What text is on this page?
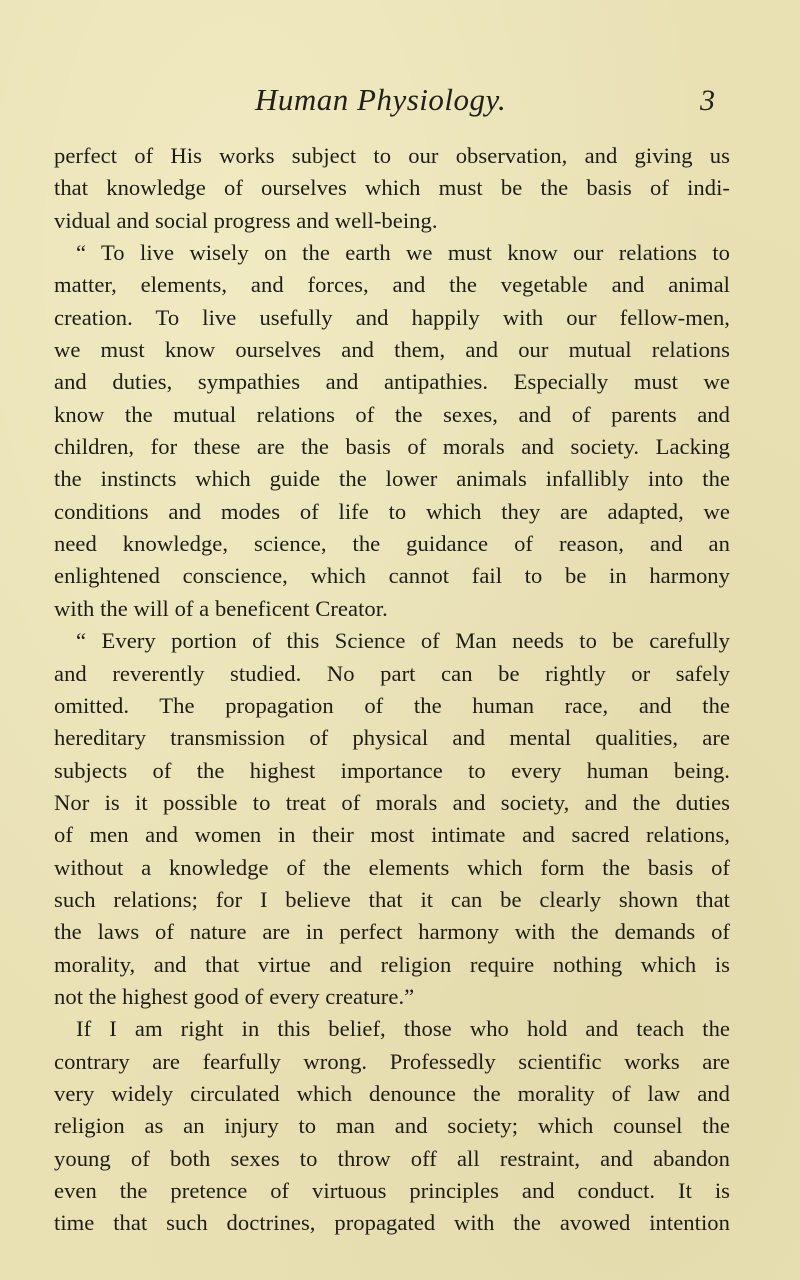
Human Physiology.	3
perfect of His works subject to our observation, and giving us
that knowledge of ourselves which must be the basis of indi-
vidual and social progress and well-being.
“ To live wisely on the earth we must know our relations to
matter, elements, and forces, and the vegetable and animal
creation. To live usefully and happily with our fellow-men,
we must know ourselves and them, and our mutual relations
and duties, sympathies and antipathies. Especially must we
know the mutual relations of the sexes, and of parents and
children, for these are the basis of morals and society. Lacking
the instincts which guide the lower animals infallibly into the
conditions and modes of life to which they are adapted, we
need knowledge, science, the guidance of reason, and an
enlightened conscience, which cannot fail to be in harmony
with the will of a beneficent Creator.
“ Every portion of this Science of Man needs to be carefully
and reverently studied. No part can be rightly or safely
omitted. The propagation of the human race, and the
hereditary transmission of physical and mental qualities, are
subjects of the highest importance to every human being.
Nor is it possible to treat of morals and society, and the duties
of men and women in their most intimate and sacred relations,
without a knowledge of the elements which form the basis of
such relations; for I believe that it can be clearly shown that
the laws of nature are in perfect harmony with the demands of
morality, and that virtue and religion require nothing which is
not the highest good of every creature.”
If I am right in this belief, those who hold and teach the
contrary are fearfully wrong. Professedly scientific works are
very widely circulated which denounce the morality of law and
religion as an injury to man and society; which counsel the
young of both sexes to throw off all restraint, and abandon
even the pretence of virtuous principles and conduct. It is
time that such doctrines, propagated with the avowed intention
